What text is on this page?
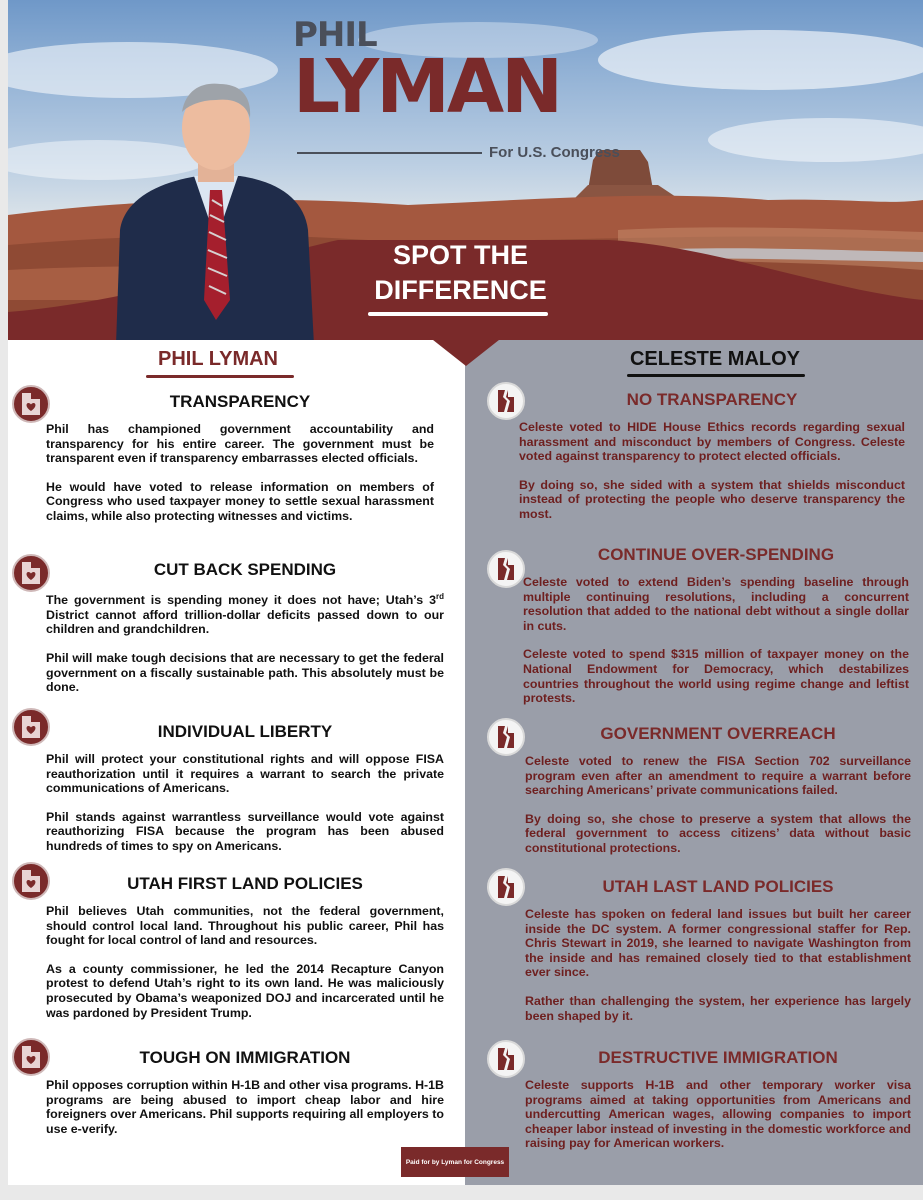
PHIL
LYMAN
For U.S. Congress
SPOT THE
DIFFERENCE
PHIL LYMAN
TRANSPARENCY

Phil has championed government accountability and transparency for his entire career. The government must be transparent even if transparency embarrasses elected officials.

He would have voted to release information on members of Congress who used taxpayer money to settle sexual harassment claims, while also protecting witnesses and victims.

CUT BACK SPENDING

The government is spending money it does not have; Utah’s 3rd District cannot afford trillion-dollar deficits passed down to our children and grandchildren.

Phil will make tough decisions that are necessary to get the federal government on a fiscally sustainable path. This absolutely must be done.

INDIVIDUAL LIBERTY

Phil will protect your constitutional rights and will oppose FISA reauthorization until it requires a warrant to search the private communications of Americans.

Phil stands against warrantless surveillance would vote against reauthorizing FISA because the program has been abused hundreds of times to spy on Americans.

UTAH FIRST LAND POLICIES

Phil believes Utah communities, not the federal government, should control local land. Throughout his public career, Phil has fought for local control of land and resources.

As a county commissioner, he led the 2014 Recapture Canyon protest to defend Utah’s right to its own land. He was maliciously prosecuted by Obama’s weaponized DOJ and incarcerated until he was pardoned by President Trump.

TOUGH ON IMMIGRATION

Phil opposes corruption within H-1B and other visa programs. H-1B programs are being abused to import cheap labor and hire foreigners over Americans. Phil supports requiring all employers to use e-verify.

CELESTE MALOY
NO TRANSPARENCY

Celeste voted to HIDE House Ethics records regarding sexual harassment and misconduct by members of Congress. Celeste voted against transparency to protect elected officials.

By doing so, she sided with a system that shields misconduct instead of protecting the people who deserve transparency the most.

CONTINUE OVER-SPENDING

Celeste voted to extend Biden’s spending baseline through multiple continuing resolutions, including a concurrent resolution that added to the national debt without a single dollar in cuts.

Celeste voted to spend $315 million of taxpayer money on the National Endowment for Democracy, which destabilizes countries throughout the world using regime change and leftist protests.

GOVERNMENT OVERREACH

Celeste voted to renew the FISA Section 702 surveillance program even after an amendment to require a warrant before searching Americans’ private communications failed.

By doing so, she chose to preserve a system that allows the federal government to access citizens’ data without basic constitutional protections.

UTAH LAST LAND POLICIES

Celeste has spoken on federal land issues but built her career inside the DC system. A former congressional staffer for Rep. Chris Stewart in 2019, she learned to navigate Washington from the inside and has remained closely tied to that establishment ever since.

Rather than challenging the system, her experience has largely been shaped by it.

DESTRUCTIVE IMMIGRATION

Celeste supports H-1B and other temporary worker visa programs aimed at taking opportunities from Americans and undercutting American wages, allowing companies to import cheaper labor instead of investing in the domestic workforce and raising pay for American workers.

Paid for by Lyman for Congress
